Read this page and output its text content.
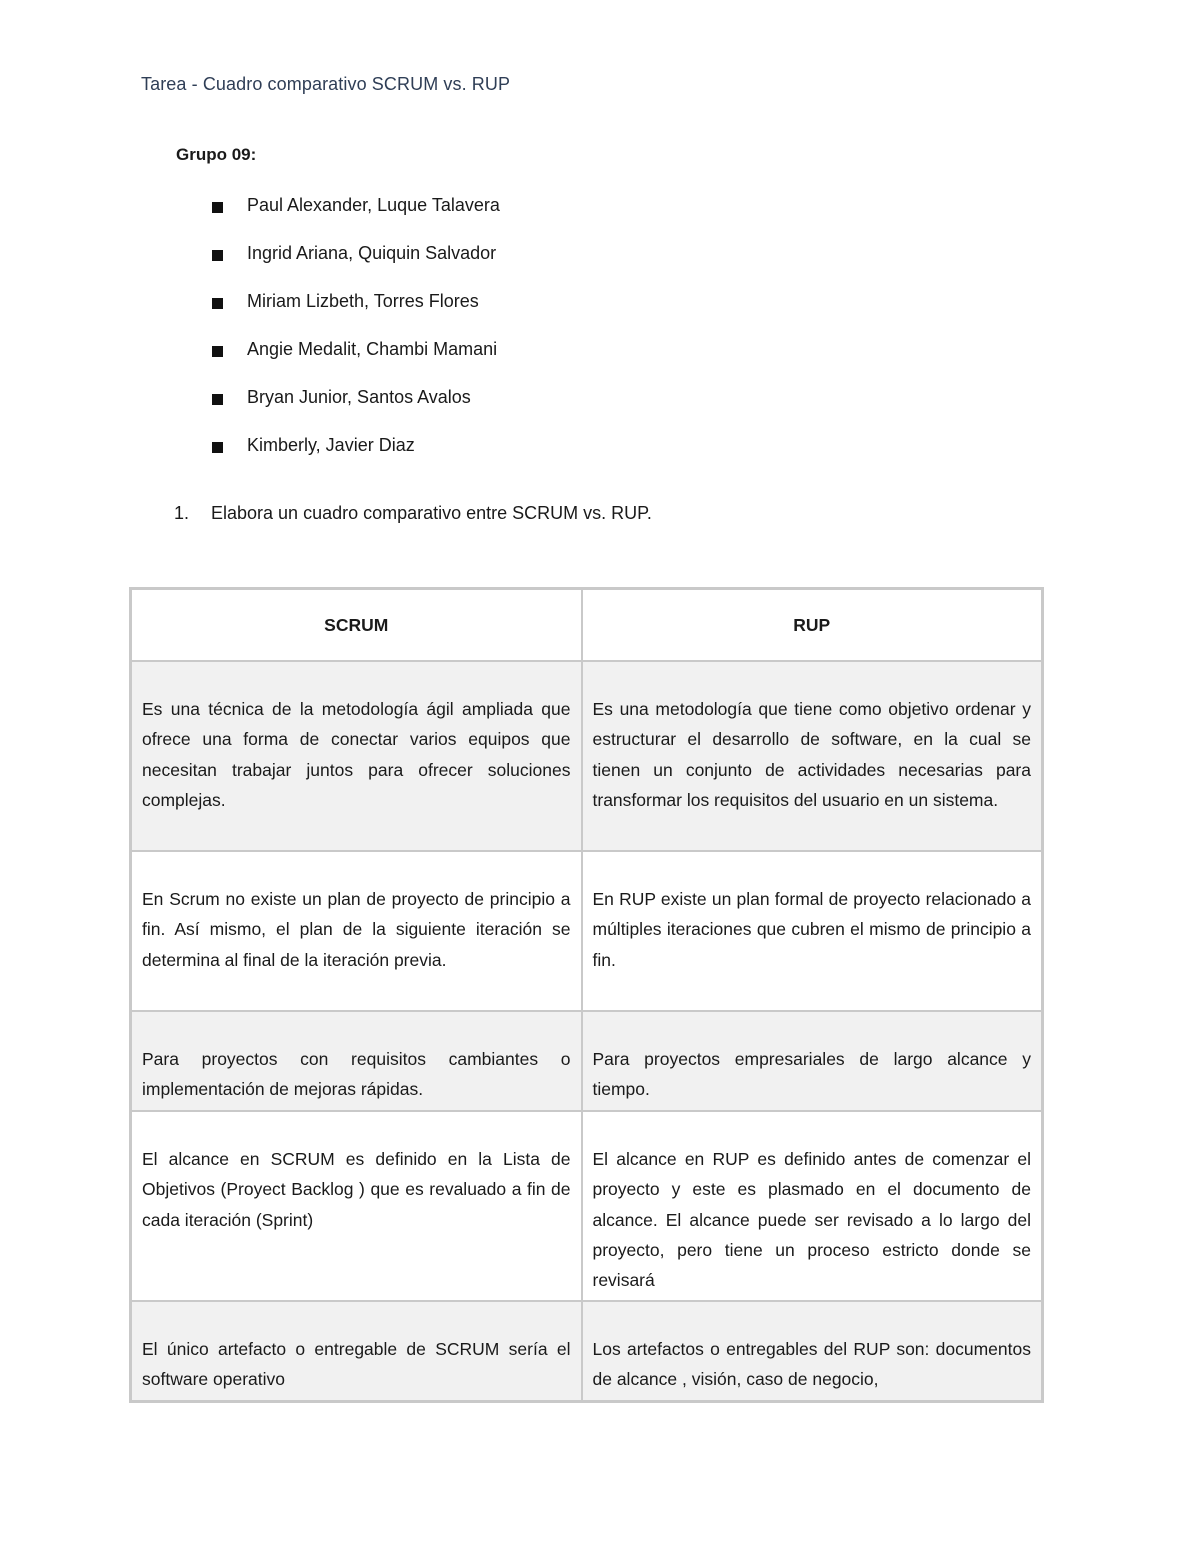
Tarea - Cuadro comparativo SCRUM vs. RUP
Grupo 09:
Paul Alexander, Luque Talavera
Ingrid Ariana, Quiquin Salvador
Miriam Lizbeth, Torres Flores
Angie Medalit, Chambi Mamani
Bryan Junior, Santos Avalos
Kimberly, Javier Diaz
1.	Elabora un cuadro comparativo entre SCRUM vs. RUP.
SCRUM	RUP

Es una técnica de la metodología ágil ampliada que ofrece una forma de conectar varios equipos que necesitan trabajar juntos para ofrecer soluciones complejas.	Es una metodología que tiene como objetivo ordenar y estructurar el desarrollo de software, en la cual se tienen un conjunto de actividades necesarias para transformar los requisitos del usuario en un sistema.

En Scrum no existe un plan de proyecto de principio a fin. Así mismo, el plan de la siguiente iteración se determina al final de la iteración previa.	En RUP existe un plan formal de proyecto relacionado a múltiples iteraciones que cubren el mismo de principio a fin.

Para proyectos con requisitos cambiantes o implementación de mejoras rápidas.	Para proyectos empresariales de largo alcance y tiempo.

El alcance en SCRUM es definido en la Lista de Objetivos (Proyect Backlog ) que es revaluado a fin de cada iteración (Sprint)	El alcance en RUP es definido antes de comenzar el proyecto y este es plasmado en el documento de alcance. El alcance puede ser revisado a lo largo del proyecto, pero tiene un proceso estricto donde se revisará

El único artefacto o entregable de SCRUM sería el software operativo	Los artefactos o entregables del RUP son: documentos de alcance , visión, caso de negocio,
